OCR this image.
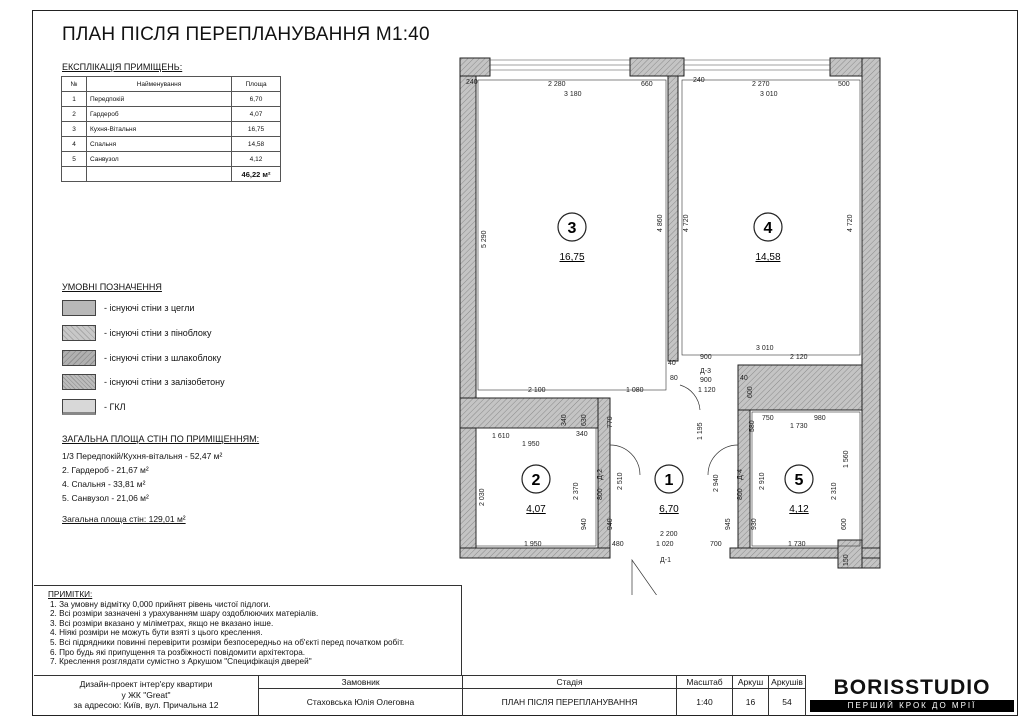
ПЛАН ПІСЛЯ ПЕРЕПЛАНУВАННЯ М1:40
ЕКСПЛІКАЦІЯ ПРИМІЩЕНЬ:
№	Найменування	Площа
1	Передпокій	6,70
2	Гардероб	4,07
3	Кухня-Вітальня	16,75
4	Спальня	14,58
5	Санвузол	4,12
		46,22 м²
УМОВНІ ПОЗНАЧЕННЯ
- існуючі стіни з цегли
- існуючі стіни з піноблоку
- існуючі стіни з шлакоблоку
- існуючі стіни з залізобетону
- ГКЛ
ЗАГАЛЬНА ПЛОЩА СТІН ПО ПРИМІЩЕННЯМ:
1/3 Передпокій/Кухня-вітальня - 52,47 м²
2. Гардероб - 21,67 м²
4. Спальня - 33,81 м²
5. Санвузол - 21,06 м²
Загальна площа стін: 129,01 м²
3
16,75
4
14,58
2
4,07
1
6,70
5
4,12
240	2 280	660
3 180
240
2 270	500
3 010
5 290
4 860	4 720	4 720
3 010
900	2 120
40
Д-3
900
80
2 100	1 080	1 120
40
600
750	980
340 630	770
340
1 610
1 950
580
1 195	1 730
2 030	2 370
2 510
Д-2
800
2 940
800
Д-4 2 910
2 310
1 560
940	940	945	930	600
1 950	480	1 020	700
2 200
1 730
150
Д-1
ПРИМІТКИ:
1. За умовну відмітку 0,000 прийнят рівень чистої підлоги.
2. Всі розміри зазначені з урахуванням шару оздоблюючих матеріалів.
3. Всі розміри вказано у міліметрах, якщо не вказано інше.
4. Ніякі розміри не можуть бути взяті з цього креслення.
5. Всі підрядники повинні перевірити розміри безпосередньо на об'єкті перед початком робіт.
6. Про будь які припущення та розбіжності повідомити архітектора.
7. Креслення розглядати сумістно з Аркушом "Специфікація дверей"
Дизайн-проект інтер'єру квартири
у ЖК "Great"
за адресою: Київ, вул. Причальна 12
Замовник
Стаховська Юлія Олеговна
Стадія
ПЛАН ПІСЛЯ ПЕРЕПЛАНУВАННЯ
Масштаб
1:40
Аркуш
16
Аркушів
54
BORISSTUDIO
ПЕРШИЙ КРОК ДО МРІЇ
